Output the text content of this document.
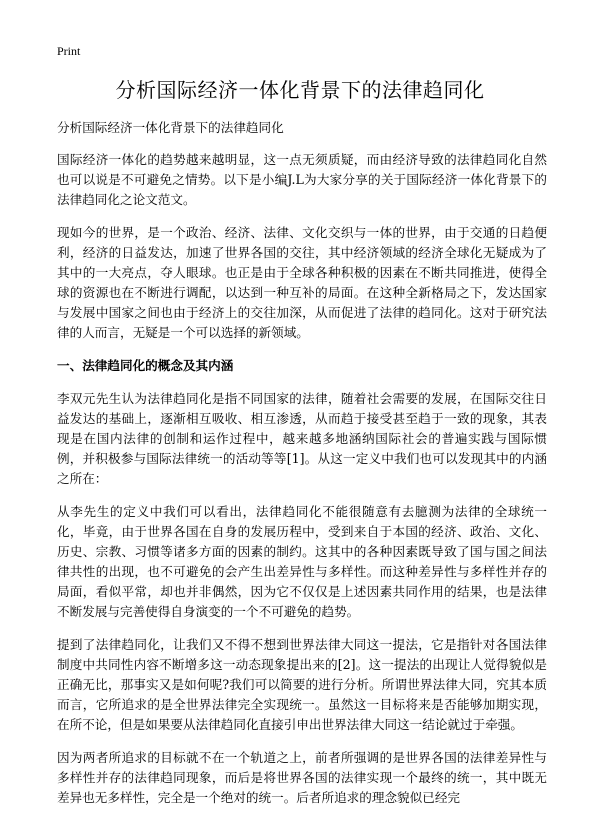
Print
分析国际经济一体化背景下的法律趋同化

分析国际经济一体化背景下的法律趋同化

国际经济一体化的趋势越来越明显，这一点无须质疑，而由经济导致的法律趋同化自然也可以说是不可避免之情势。以下是小编J.L为大家分享的关于国际经济一体化背景下的法律趋同化之论文范文。

现如今的世界，是一个政治、经济、法律、文化交织与一体的世界，由于交通的日趋便利，经济的日益发达，加速了世界各国的交往，其中经济领域的经济全球化无疑成为了其中的一大亮点，夺人眼球。也正是由于全球各种积极的因素在不断共同推进，使得全球的资源也在不断进行调配，以达到一种互补的局面。在这种全新格局之下，发达国家与发展中国家之间也由于经济上的交往加深，从而促进了法律的趋同化。这对于研究法律的人而言，无疑是一个可以选择的新领域。

一、法律趋同化的概念及其内涵

李双元先生认为法律趋同化是指不同国家的法律，随着社会需要的发展，在国际交往日益发达的基础上，逐渐相互吸收、相互渗透，从而趋于接受甚至趋于一致的现象，其表现是在国内法律的创制和运作过程中，越来越多地涵纳国际社会的普遍实践与国际惯例，并积极参与国际法律统一的活动等等[1]。从这一定义中我们也可以发现其中的内涵之所在：

从李先生的定义中我们可以看出，法律趋同化不能很随意有去臆测为法律的全球统一化，毕竟，由于世界各国在自身的发展历程中，受到来自于本国的经济、政治、文化、历史、宗教、习惯等诸多方面的因素的制约。这其中的各种因素既导致了国与国之间法律共性的出现，也不可避免的会产生出差异性与多样性。而这种差异性与多样性并存的局面，看似平常，却也并非偶然，因为它不仅仅是上述因素共同作用的结果，也是法律不断发展与完善使得自身演变的一个不可避免的趋势。

提到了法律趋同化，让我们又不得不想到世界法律大同这一提法，它是指针对各国法律制度中共同性内容不断增多这一动态现象提出来的[2]。这一提法的出现让人觉得貌似是正确无比，那事实又是如何呢?我们可以简要的进行分析。所谓世界法律大同，究其本质而言，它所追求的是全世界法律完全实现统一。虽然这一目标将来是否能够加期实现，在所不论，但是如果要从法律趋同化直接引申出世界法律大同这一结论就过于牵强。

因为两者所追求的目标就不在一个轨道之上，前者所强调的是世界各国的法律差异性与多样性并存的法律趋同现象，而后是将世界各国的法律实现一个最终的统一，其中既无差异也无多样性，完全是一个绝对的统一。后者所追求的理念貌似已经完
